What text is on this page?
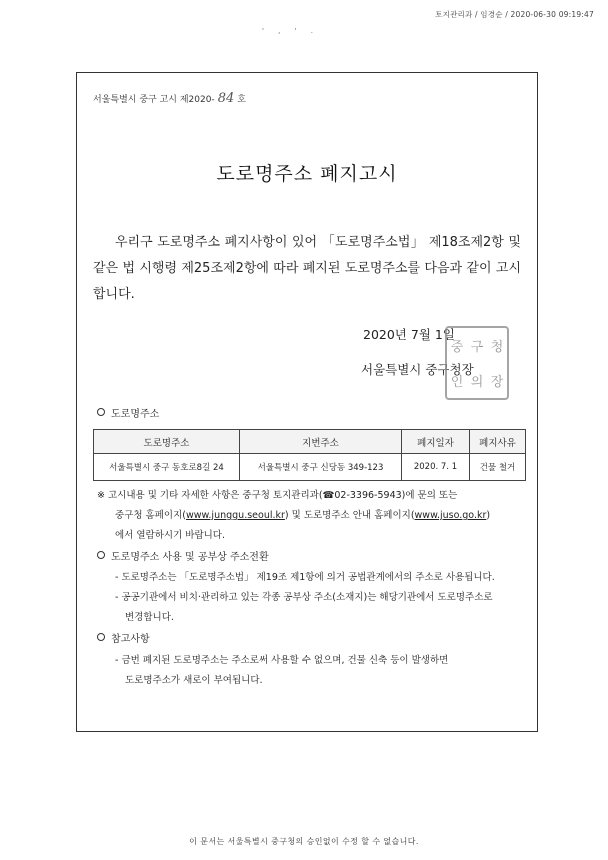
토지관리과 / 임경순 / 2020-06-30 09:19:47
' , ' .
서울특별시 중구 고시 제2020- 84 호
도로명주소 폐지고시
우리구 도로명주소 폐지사항이 있어 「도로명주소법」 제18조제2항 및 같은 법 시행령 제25조제2항에 따라 폐지된 도로명주소를 다음과 같이 고시합니다.
2020년 7월 1일
서울특별시 중구청장
중 구 청
인 의 장
도로명주소
도로명주소	지번주소	폐지일자	폐지사유
서울특별시 중구 동호로8길 24	서울특별시 중구 신당동 349-123	2020. 7. 1	건물 철거
※ 고시내용 및 기타 자세한 사항은 중구청 토지관리과(☎02-3396-5943)에 문의 또는
중구청 홈페이지(www.junggu.seoul.kr) 및 도로명주소 안내 홈페이지(www.juso.go.kr)
에서 열람하시기 바랍니다.
도로명주소 사용 및 공부상 주소전환
- 도로명주소는 「도로명주소법」 제19조 제1항에 의거 공법관계에서의 주소로 사용됩니다.
- 공공기관에서 비치·관리하고 있는 각종 공부상 주소(소재지)는 해당기관에서 도로명주소로
변경합니다.
참고사항
- 금번 폐지된 도로명주소는 주소로써 사용할 수 없으며, 건물 신축 등이 발생하면
도로명주소가 새로이 부여됩니다.
이 문서는 서울특별시 중구청의 승인없이 수정 할 수 없습니다.
